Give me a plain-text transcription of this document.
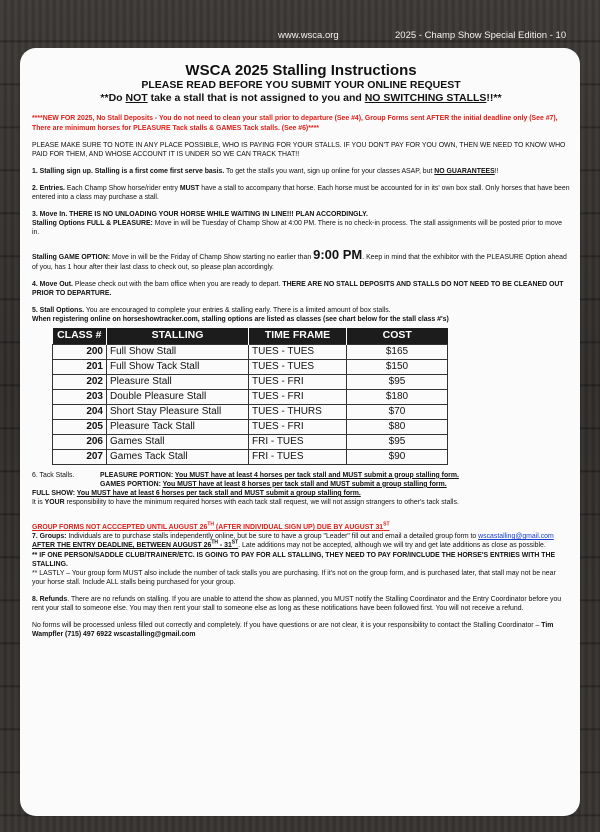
www.wsca.org	2025 - Champ Show Special Edition - 10
WSCA 2025 Stalling Instructions
PLEASE READ BEFORE YOU SUBMIT YOUR ONLINE REQUEST
**Do NOT take a stall that is not assigned to you and NO SWITCHING STALLS!!**
****NEW FOR 2025, No Stall Deposits - You do not need to clean your stall prior to departure (See #4), Group Forms sent AFTER the initial deadline only (See #7), There are minimum horses for PLEASURE Tack stalls & GAMES Tack stalls. (See #6)****
PLEASE MAKE SURE TO NOTE IN ANY PLACE POSSIBLE, WHO IS PAYING FOR YOUR STALLS. IF YOU DON'T PAY FOR YOU OWN, THEN WE NEED TO KNOW WHO PAID FOR THEM, AND WHOSE ACCOUNT IT IS UNDER SO WE CAN TRACK THAT!!
1. Stalling sign up. Stalling is a first come first serve basis. To get the stalls you want, sign up online for your classes ASAP, but NO GUARANTEES!!
2. Entries. Each Champ Show horse/rider entry MUST have a stall to accompany that horse. Each horse must be accounted for in its' own box stall. Only horses that have been entered into a class may purchase a stall.
3. Move In. THERE IS NO UNLOADING YOUR HORSE WHILE WAITING IN LINE!!! PLAN ACCORDINGLY.
Stalling Options FULL & PLEASURE: Move in will be Tuesday of Champ Show at 4:00 PM. There is no check-in process. The stall assignments will be posted prior to move in.
Stalling GAME OPTION: Move in will be the Friday of Champ Show starting no earlier than 9:00 PM. Keep in mind that the exhibitor with the PLEASURE Option ahead of you, has 1 hour after their last class to check out, so please plan accordingly.
4. Move Out. Please check out with the barn office when you are ready to depart. THERE ARE NO STALL DEPOSITS AND STALLS DO NOT NEED TO BE CLEANED OUT PRIOR TO DEPARTURE.
5. Stall Options. You are encouraged to complete your entries & stalling early. There is a limited amount of box stalls.
When registering online on horseshowtracker.com, stalling options are listed as classes (see chart below for the stall class #'s)
CLASS #	STALLING	TIME FRAME	COST
200	Full Show Stall	TUES - TUES	$165
201	Full Show Tack Stall	TUES - TUES	$150
202	Pleasure Stall	TUES - FRI	$95
203	Double Pleasure Stall	TUES - FRI	$180
204	Short Stay Pleasure Stall	TUES - THURS	$70
205	Pleasure Tack Stall	TUES - FRI	$80
206	Games Stall	FRI - TUES	$95
207	Games Tack Stall	FRI - TUES	$90
6. Tack Stalls.	PLEASURE PORTION: You MUST have at least 4 horses per tack stall and MUST submit a group stalling form.
GAMES PORTION: You MUST have at least 8 horses per tack stall and MUST submit a group stalling form.
FULL SHOW: You MUST have at least 6 horses per tack stall and MUST submit a group stalling form.
It is YOUR responsibility to have the minimum required horses with each tack stall request, we will not assign strangers to other's tack stalls.
GROUP FORMS NOT ACCCEPTED UNTIL AUGUST 26TH (AFTER INDIVIDUAL SIGN UP) DUE BY AUGUST 31ST
7. Groups: Individuals are to purchase stalls independently online, but be sure to have a group "Leader" fill out and email a detailed group form to wscastalling@gmail.com AFTER THE ENTRY DEADLINE, BETWEEN AUGUST 26TH - 31ST. Late additions may not be accepted, although we will try and get late additions as close as possible.
** IF ONE PERSON/SADDLE CLUB/TRAINER/ETC. IS GOING TO PAY FOR ALL STALLING, THEY NEED TO PAY FOR/INCLUDE THE HORSE'S ENTRIES WITH THE STALLING.
** LASTLY – Your group form MUST also include the number of tack stalls you are purchasing. If it's not on the group form, and is purchased later, that stall may not be near your horse stall. Include ALL stalls being purchased for your group.
8. Refunds. There are no refunds on stalling. If you are unable to attend the show as planned, you MUST notify the Stalling Coordinator and the Entry Coordinator before you rent your stall to someone else. You may then rent your stall to someone else as long as these notifications have been followed first. You will not receive a refund.
No forms will be processed unless filled out correctly and completely. If you have questions or are not clear, it is your responsibility to contact the Stalling Coordinator – Tim Wampfler (715) 497 6922 wscastalling@gmail.com
